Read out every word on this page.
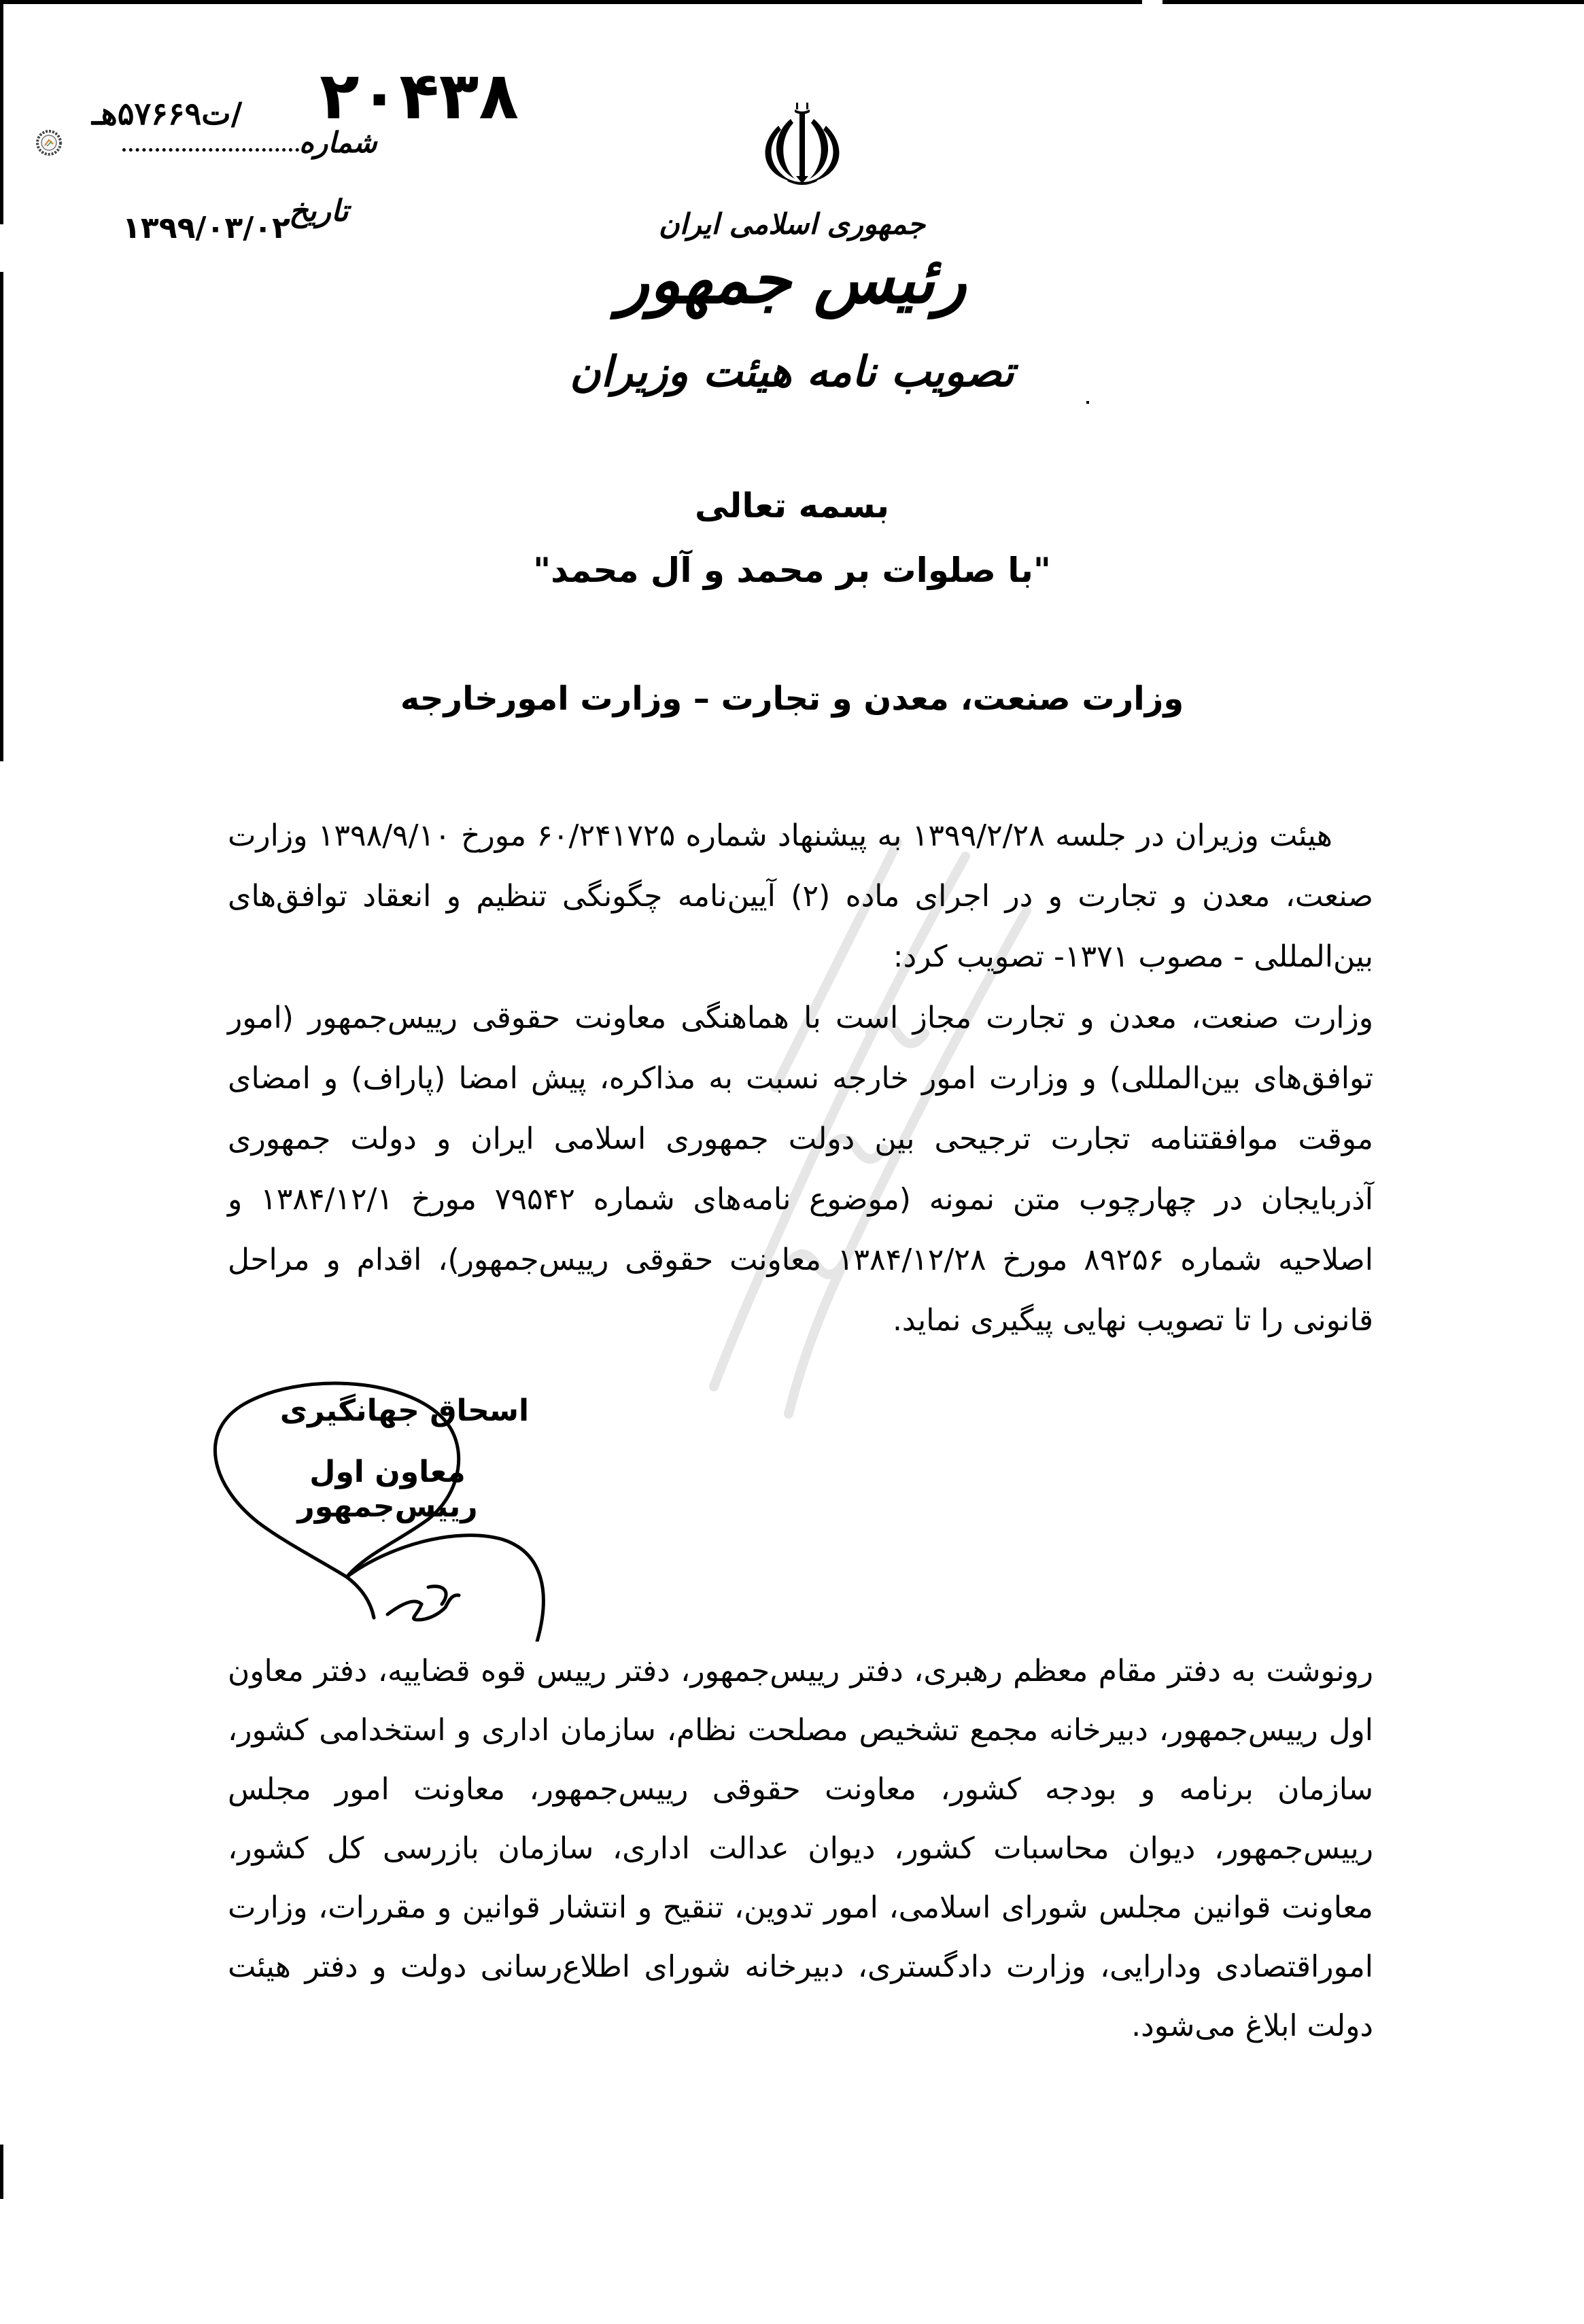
۲۰۴۳۸
/ت۵۷۶۶۹هـ
شماره
تاریخ
۱۳۹۹/۰۳/۰۲	جمهوری اسلامی ایران
رئیس جمهور
تصویب نامه هیئت وزیران
بسمه تعالی
"با صلوات بر محمد و آل محمد"
وزارت صنعت، معدن و تجارت – وزارت امورخارجه

هیئت وزیران در جلسه ۱۳۹۹/۲/۲۸ به پیشنهاد شماره ۶۰/۲۴۱۷۲۵ مورخ ۱۳۹۸/۹/۱۰ وزارت صنعت، معدن و تجارت و در اجرای ماده (۲) آیین‌نامه چگونگی تنظیم و انعقاد توافق‌های بین‌المللی - مصوب ۱۳۷۱- تصویب کرد:

وزارت صنعت، معدن و تجارت مجاز است با هماهنگی معاونت حقوقی رییس‌جمهور (امور توافق‌های بین‌المللی) و وزارت امور خارجه نسبت به مذاکره، پیش امضا (پاراف) و امضای موقت موافقتنامه تجارت ترجیحی بین دولت جمهوری اسلامی ایران و دولت جمهوری آذربایجان در چهارچوب متن نمونه (موضوع نامه‌های شماره ۷۹۵۴۲ مورخ ۱۳۸۴/۱۲/۱ و اصلاحیه شماره ۸۹۲۵۶ مورخ ۱۳۸۴/۱۲/۲۸ معاونت حقوقی رییس‌جمهور)، اقدام و مراحل قانونی را تا تصویب نهایی پیگیری نماید.

اسحاق جهانگیری
معاون اول رییس‌جمهور

رونوشت به دفتر مقام معظم رهبری، دفتر رییس‌جمهور، دفتر رییس قوه قضاییه، دفتر معاون اول رییس‌جمهور، دبیرخانه مجمع تشخیص مصلحت نظام، سازمان اداری و استخدامی کشور، سازمان برنامه و بودجه کشور، معاونت حقوقی رییس‌جمهور، معاونت امور مجلس رییس‌جمهور، دیوان محاسبات کشور، دیوان عدالت اداری، سازمان بازرسی کل کشور، معاونت قوانین مجلس شورای اسلامی، امور تدوین، تنقیح و انتشار قوانین و مقررات، وزارت اموراقتصادی ودارایی، وزارت دادگستری، دبیرخانه شورای اطلاع‌رسانی دولت و دفتر هیئت دولت ابلاغ می‌شود.
